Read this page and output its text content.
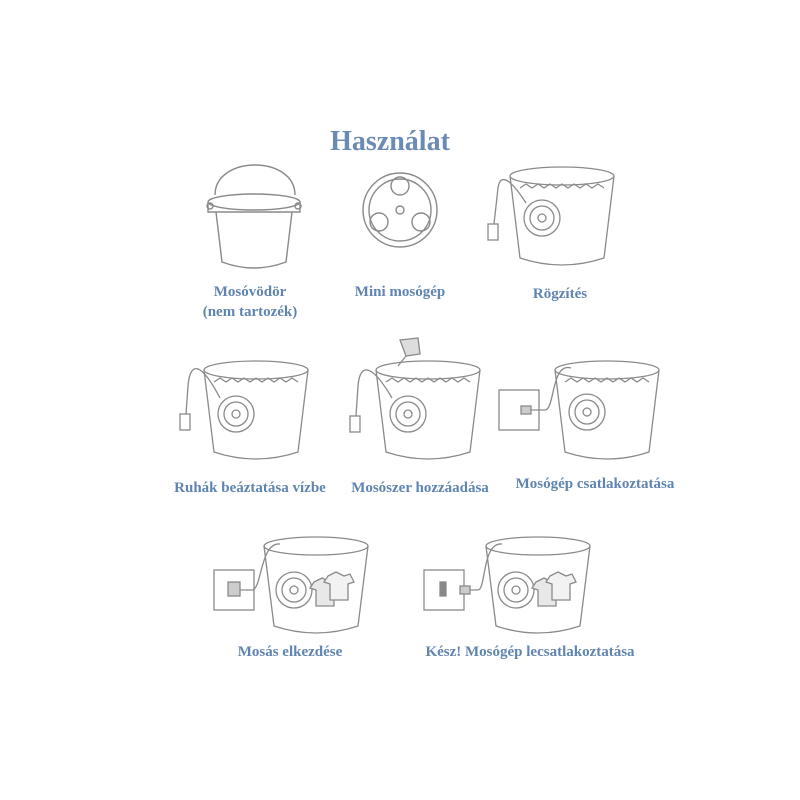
Használat
Mosóvödör
(nem tartozék)
Mini mosógép	Rögzítés
Ruhák beáztatása vízbe	Mosószer hozzáadása	Mosógép csatlakoztatása
Mosás elkezdése	Kész! Mosógép lecsatlakoztatása
